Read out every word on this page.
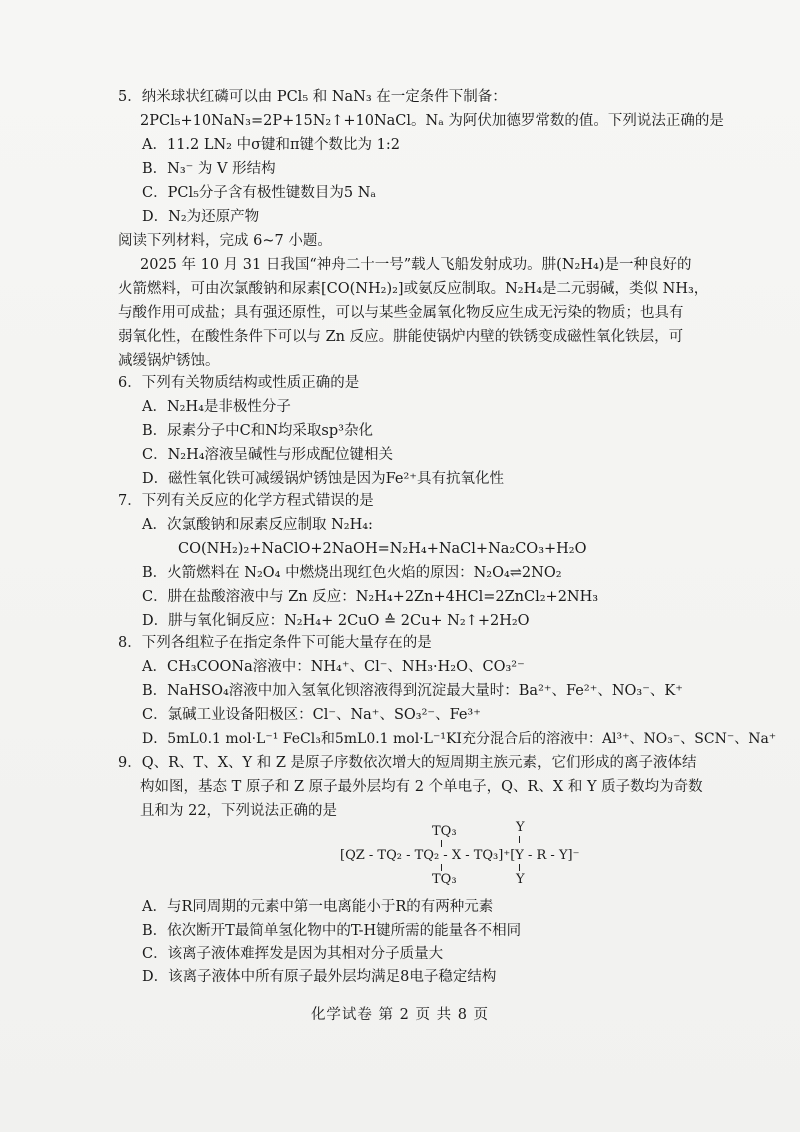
5．纳米球状红磷可以由 PCl₅ 和 NaN₃ 在一定条件下制备：
2PCl₅+10NaN₃=2P+15N₂↑+10NaCl。Nₐ 为阿伏加德罗常数的值。下列说法正确的是
A．11.2 LN₂ 中σ键和π键个数比为 1:2
B．N₃⁻ 为 V 形结构
C．PCl₅分子含有极性键数目为5 Nₐ
D．N₂为还原产物
阅读下列材料，完成 6~7 小题。
2025 年 10 月 31 日我国“神舟二十一号”载人飞船发射成功。肼(N₂H₄)是一种良好的
火箭燃料，可由次氯酸钠和尿素[CO(NH₂)₂]或氨反应制取。N₂H₄是二元弱碱，类似 NH₃，
与酸作用可成盐；具有强还原性，可以与某些金属氧化物反应生成无污染的物质；也具有
弱氧化性，在酸性条件下可以与 Zn 反应。肼能使锅炉内壁的铁锈变成磁性氧化铁层，可
减缓锅炉锈蚀。
6．下列有关物质结构或性质正确的是
A．N₂H₄是非极性分子
B．尿素分子中C和N均采取sp³杂化
C．N₂H₄溶液呈碱性与形成配位键相关
D．磁性氧化铁可减缓锅炉锈蚀是因为Fe²⁺具有抗氧化性
7．下列有关反应的化学方程式错误的是
A．次氯酸钠和尿素反应制取 N₂H₄:
CO(NH₂)₂+NaClO+2NaOH=N₂H₄+NaCl+Na₂CO₃+H₂O
B．火箭燃料在 N₂O₄ 中燃烧出现红色火焰的原因：N₂O₄⇌2NO₂
C．肼在盐酸溶液中与 Zn 反应：N₂H₄+2Zn+4HCl=2ZnCl₂+2NH₃
D．肼与氧化铜反应：N₂H₄+ 2CuO ≙ 2Cu+ N₂↑+2H₂O
8．下列各组粒子在指定条件下可能大量存在的是
A．CH₃COONa溶液中：NH₄⁺、Cl⁻、NH₃·H₂O、CO₃²⁻
B．NaHSO₄溶液中加入氢氧化钡溶液得到沉淀最大量时：Ba²⁺、Fe²⁺、NO₃⁻、K⁺
C．氯碱工业设备阳极区：Cl⁻、Na⁺、SO₃²⁻、Fe³⁺
D．5mL0.1 mol·L⁻¹ FeCl₃和5mL0.1 mol·L⁻¹KI充分混合后的溶液中：Al³⁺、NO₃⁻、SCN⁻、Na⁺
9．Q、R、T、X、Y 和 Z 是原子序数依次增大的短周期主族元素，它们形成的离子液体结
构如图，基态 T 原子和 Z 原子最外层均有 2 个单电子，Q、R、X 和 Y 质子数均为奇数
且和为 22，下列说法正确的是
TQ₃	Y
[QZ - TQ₂ - TQ₂ - X - TQ₃]⁺[Y - R - Y]⁻
TQ₃	Y
A．与R同周期的元素中第一电离能小于R的有两种元素
B．依次断开T最简单氢化物中的T-H键所需的能量各不相同
C．该离子液体难挥发是因为其相对分子质量大
D．该离子液体中所有原子最外层均满足8电子稳定结构
化学试卷 第 2 页 共 8 页
